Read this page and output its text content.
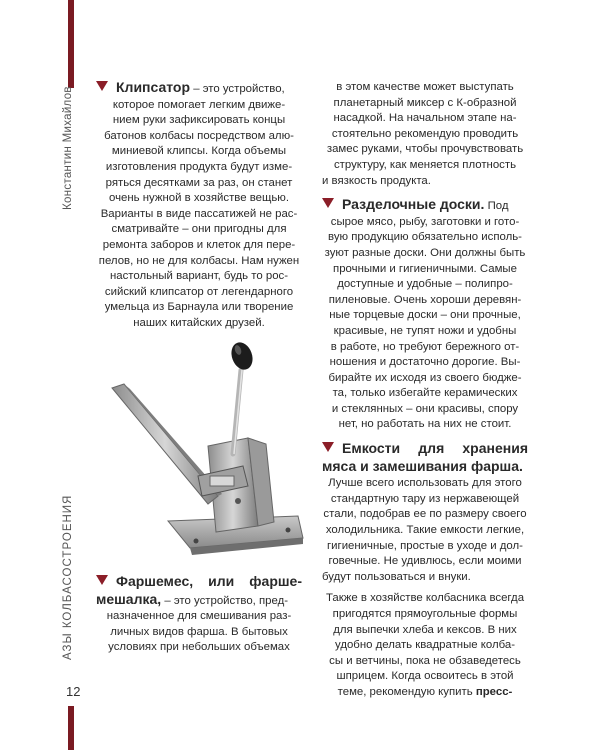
Константин Михайлов
АЗЫ КОЛБАСОСТРОЕНИЯ
12
Клипсатор – это устройство,
которое помогает легким движе-
нием руки зафиксировать концы
батонов колбасы посредством алю-
миниевой клипсы. Когда объемы
изготовления продукта будут изме-
ряться десятками за раз, он станет
очень нужной в хозяйстве вещью.
Варианты в виде пассатижей не рас-
сматривайте – они пригодны для
ремонта заборов и клеток для пере-
пелов, но не для колбасы. Нам нужен
настольный вариант, будь то рос-
сийский клипсатор от легендарного
умельца из Барнаула или творение
наших китайских друзей.
Фаршемес, или фарше-
мешалка, – это устройство, пред-
назначенное для смешивания раз-
личных видов фарша. В бытовых
условиях при небольших объемах
в этом качестве может выступать
планетарный миксер с К-образной
насадкой. На начальном этапе на-
стоятельно рекомендую проводить
замес руками, чтобы прочувствовать
структуру, как меняется плотность
и вязкость продукта.
Разделочные доски. Под
сырое мясо, рыбу, заготовки и гото-
вую продукцию обязательно исполь-
зуют разные доски. Они должны быть
прочными и гигиеничными. Самые
доступные и удобные – полипро-
пиленовые. Очень хороши деревян-
ные торцевые доски – они прочные,
красивые, не тупят ножи и удобны
в работе, но требуют бережного от-
ношения и достаточно дорогие. Вы-
бирайте их исходя из своего бюдже-
та, только избегайте керамических
и стеклянных – они красивы, спору
нет, но работать на них не стоит.
Емкости для хранения
мяса и замешивания фарша.
Лучше всего использовать для этого
стандартную тару из нержавеющей
стали, подобрав ее по размеру своего
холодильника. Такие емкости легкие,
гигиеничные, простые в уходе и дол-
говечные. Не удивлюсь, если моими
будут пользоваться и внуки.
Также в хозяйстве колбасника всегда
пригодятся прямоугольные формы
для выпечки хлеба и кексов. В них
удобно делать квадратные колба-
сы и ветчины, пока не обзаведетесь
шприцем. Когда освоитесь в этой
теме, рекомендую купить пресс-
